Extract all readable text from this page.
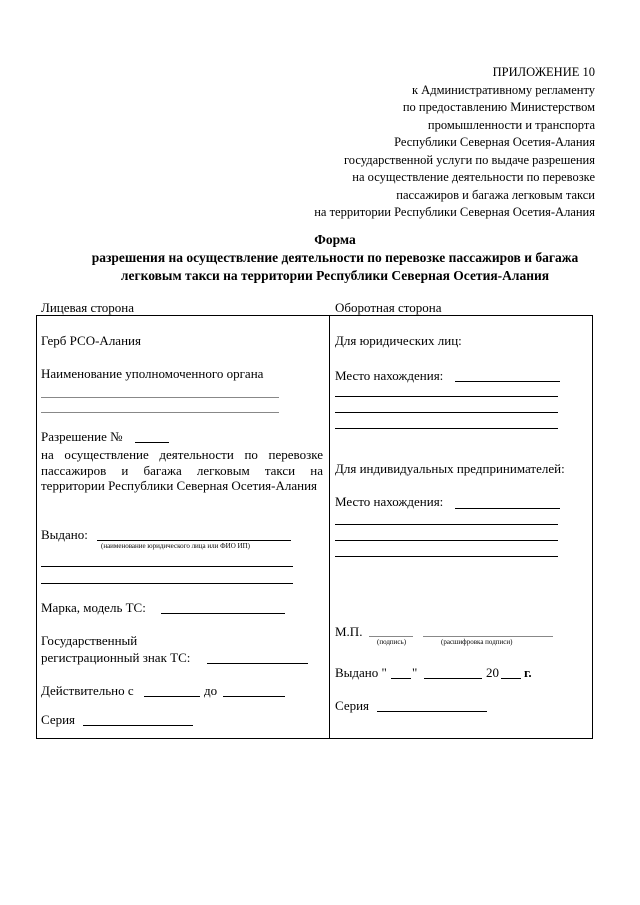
ПРИЛОЖЕНИЕ 10
к Административному регламенту
по предоставлению Министерством
промышленности и транспорта
Республики Северная Осетия-Алания
государственной услуги по выдаче разрешения
на осуществление деятельности по перевозке
пассажиров и багажа легковым такси
на территории Республики Северная Осетия-Алания
Форма
разрешения на осуществление деятельности по перевозке пассажиров и багажа
легковым такси на территории Республики Северная Осетия-Алания
Лицевая сторона	Оборотная сторона
Герб РСО-Алания
Наименование уполномоченного органа
Разрешение №
на осуществление деятельности по перевозке пассажиров и багажа легковым такси на территории Республики Северная Осетия-Алания
Выдано:
(наименование юридического лица или ФИО ИП)
Марка, модель ТС:
Государственный
регистрационный знак ТС:
Действительно с	до
Серия
Для юридических лиц:
Место нахождения:
Для индивидуальных предпринимателей:
Место нахождения:
М.П.
(подпись)	(расшифровка подписи)
Выдано " "	20 г.
Серия
